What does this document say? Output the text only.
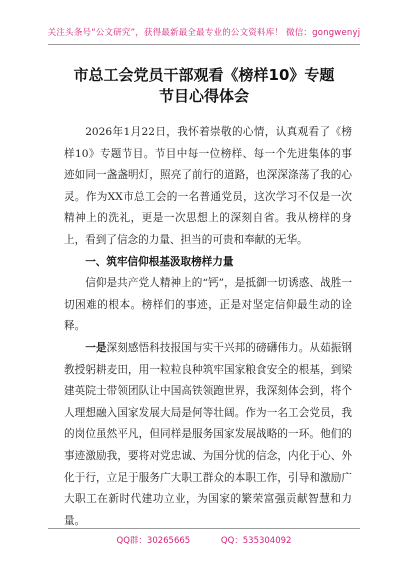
关注头条号“公文研究”，获得最新最全最专业的公文资料库！ 微信：gongwenyj
市总工会党员干部观看《榜样10》专题
节目心得体会

2026年1月22日，我怀着崇敬的心情，认真观看了《榜样10》专题节目。节目中每一位榜样、每一个先进集体的事迹如同一盏盏明灯，照亮了前行的道路，也深深涤荡了我的心灵。作为XX市总工会的一名普通党员，这次学习不仅是一次精神上的洗礼，更是一次思想上的深刻自省。我从榜样的身上，看到了信念的力量、担当的可贵和奉献的无华。

一、筑牢信仰根基汲取榜样力量

信仰是共产党人精神上的“钙”，是抵御一切诱惑、战胜一切困难的根本。榜样们的事迹，正是对坚定信仰最生动的诠释。

一是深刻感悟科技报国与实干兴邦的磅礴伟力。从茹振钢教授躬耕麦田，用一粒粒良种筑牢国家粮食安全的根基，到梁建英院士带领团队让中国高铁领跑世界，我深刻体会到，将个人理想融入国家发展大局是何等壮阔。作为一名工会党员，我的岗位虽然平凡，但同样是服务国家发展战略的一环。他们的事迹激励我，要将对党忠诚、为国分忧的信念，内化于心、外化于行，立足于服务广大职工群众的本职工作，引导和激励广大职工在新时代建功立业，为国家的繁荣富强贡献智慧和力量。

QQ群：30265665	QQ：535304092
